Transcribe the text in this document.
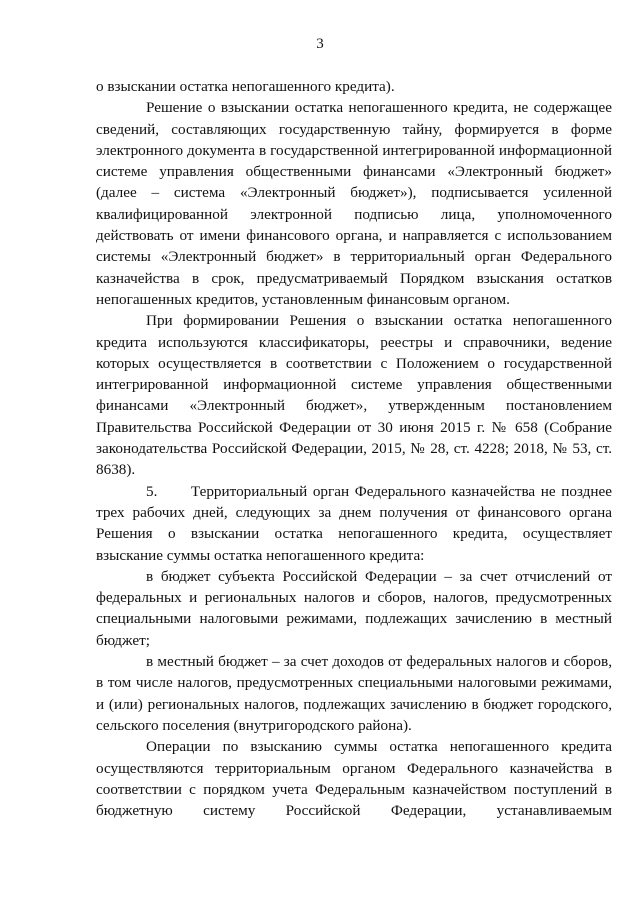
3

о взыскании остатка непогашенного кредита).

Решение о взыскании остатка непогашенного кредита, не содержащее сведений, составляющих государственную тайну, формируется в форме электронного документа в государственной интегрированной информационной системе управления общественными финансами «Электронный бюджет» (далее – система «Электронный бюджет»), подписывается усиленной квалифицированной электронной подписью лица, уполномоченного действовать от имени финансового органа, и направляется с использованием системы «Электронный бюджет» в территориальный орган Федерального казначейства в срок, предусматриваемый Порядком взыскания остатков непогашенных кредитов, установленным финансовым органом.

При формировании Решения о взыскании остатка непогашенного кредита используются классификаторы, реестры и справочники, ведение которых осуществляется в соответствии с Положением о государственной интегрированной информационной системе управления общественными финансами «Электронный бюджет», утвержденным постановлением Правительства Российской Федерации от 30 июня 2015 г. № 658 (Собрание законодательства Российской Федерации, 2015, № 28, ст. 4228; 2018, № 53, ст. 8638).

5.      Территориальный орган Федерального казначейства не позднее трех рабочих дней, следующих за днем получения от финансового органа Решения о взыскании остатка непогашенного кредита, осуществляет взыскание суммы остатка непогашенного кредита:

в бюджет субъекта Российской Федерации – за счет отчислений от федеральных и региональных налогов и сборов, налогов, предусмотренных специальными налоговыми режимами, подлежащих зачислению в местный бюджет;

в местный бюджет – за счет доходов от федеральных налогов и сборов, в том числе налогов, предусмотренных специальными налоговыми режимами, и (или) региональных налогов, подлежащих зачислению в бюджет городского, сельского поселения (внутригородского района).

Операции по взысканию суммы остатка непогашенного кредита осуществляются территориальным органом Федерального казначейства в соответствии с порядком учета Федеральным казначейством поступлений в бюджетную систему Российской Федерации, устанавливаемым
